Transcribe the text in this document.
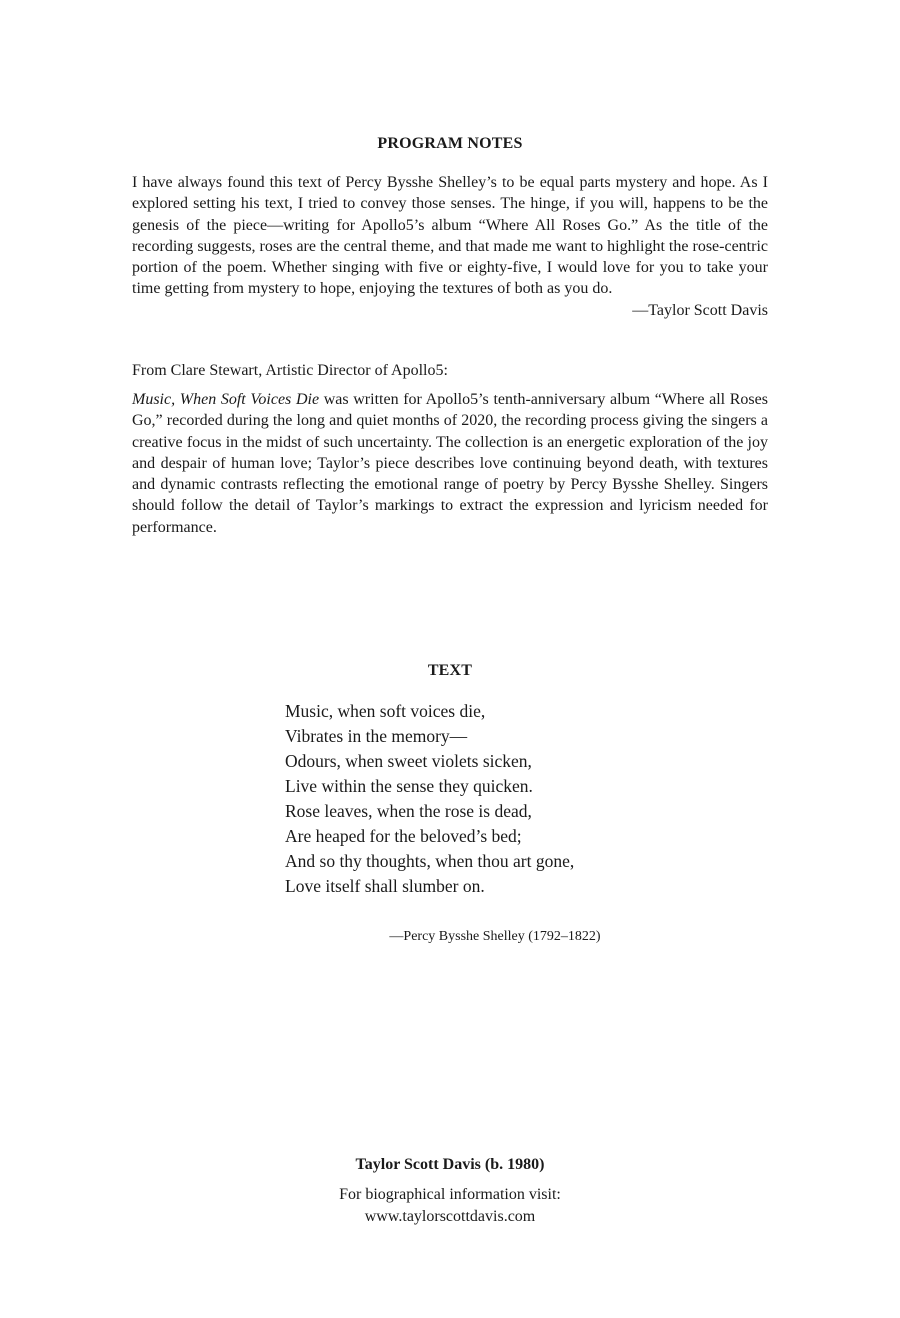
PROGRAM NOTES

I have always found this text of Percy Bysshe Shelley’s to be equal parts mystery and hope. As I explored setting his text, I tried to convey those senses. The hinge, if you will, happens to be the genesis of the piece—writing for Apollo5’s album “Where All Roses Go.” As the title of the recording suggests, roses are the central theme, and that made me want to highlight the rose-centric portion of the poem. Whether singing with five or eighty-five, I would love for you to take your time getting from mystery to hope, enjoying the textures of both as you do.

—Taylor Scott Davis

From Clare Stewart, Artistic Director of Apollo5:

Music, When Soft Voices Die was written for Apollo5’s tenth-anniversary album “Where all Roses Go,” recorded during the long and quiet months of 2020, the recording process giving the singers a creative focus in the midst of such uncertainty. The collection is an energetic exploration of the joy and despair of human love; Taylor’s piece describes love continuing beyond death, with textures and dynamic contrasts reflecting the emotional range of poetry by Percy Bysshe Shelley. Singers should follow the detail of Taylor’s markings to extract the expression and lyricism needed for performance.

TEXT
Music, when soft voices die,
Vibrates in the memory—
Odours, when sweet violets sicken,
Live within the sense they quicken.
Rose leaves, when the rose is dead,
Are heaped for the beloved’s bed;
And so thy thoughts, when thou art gone,
Love itself shall slumber on.
—Percy Bysshe Shelley (1792–1822)
Taylor Scott Davis (b. 1980)
For biographical information visit:
www.taylorscottdavis.com
